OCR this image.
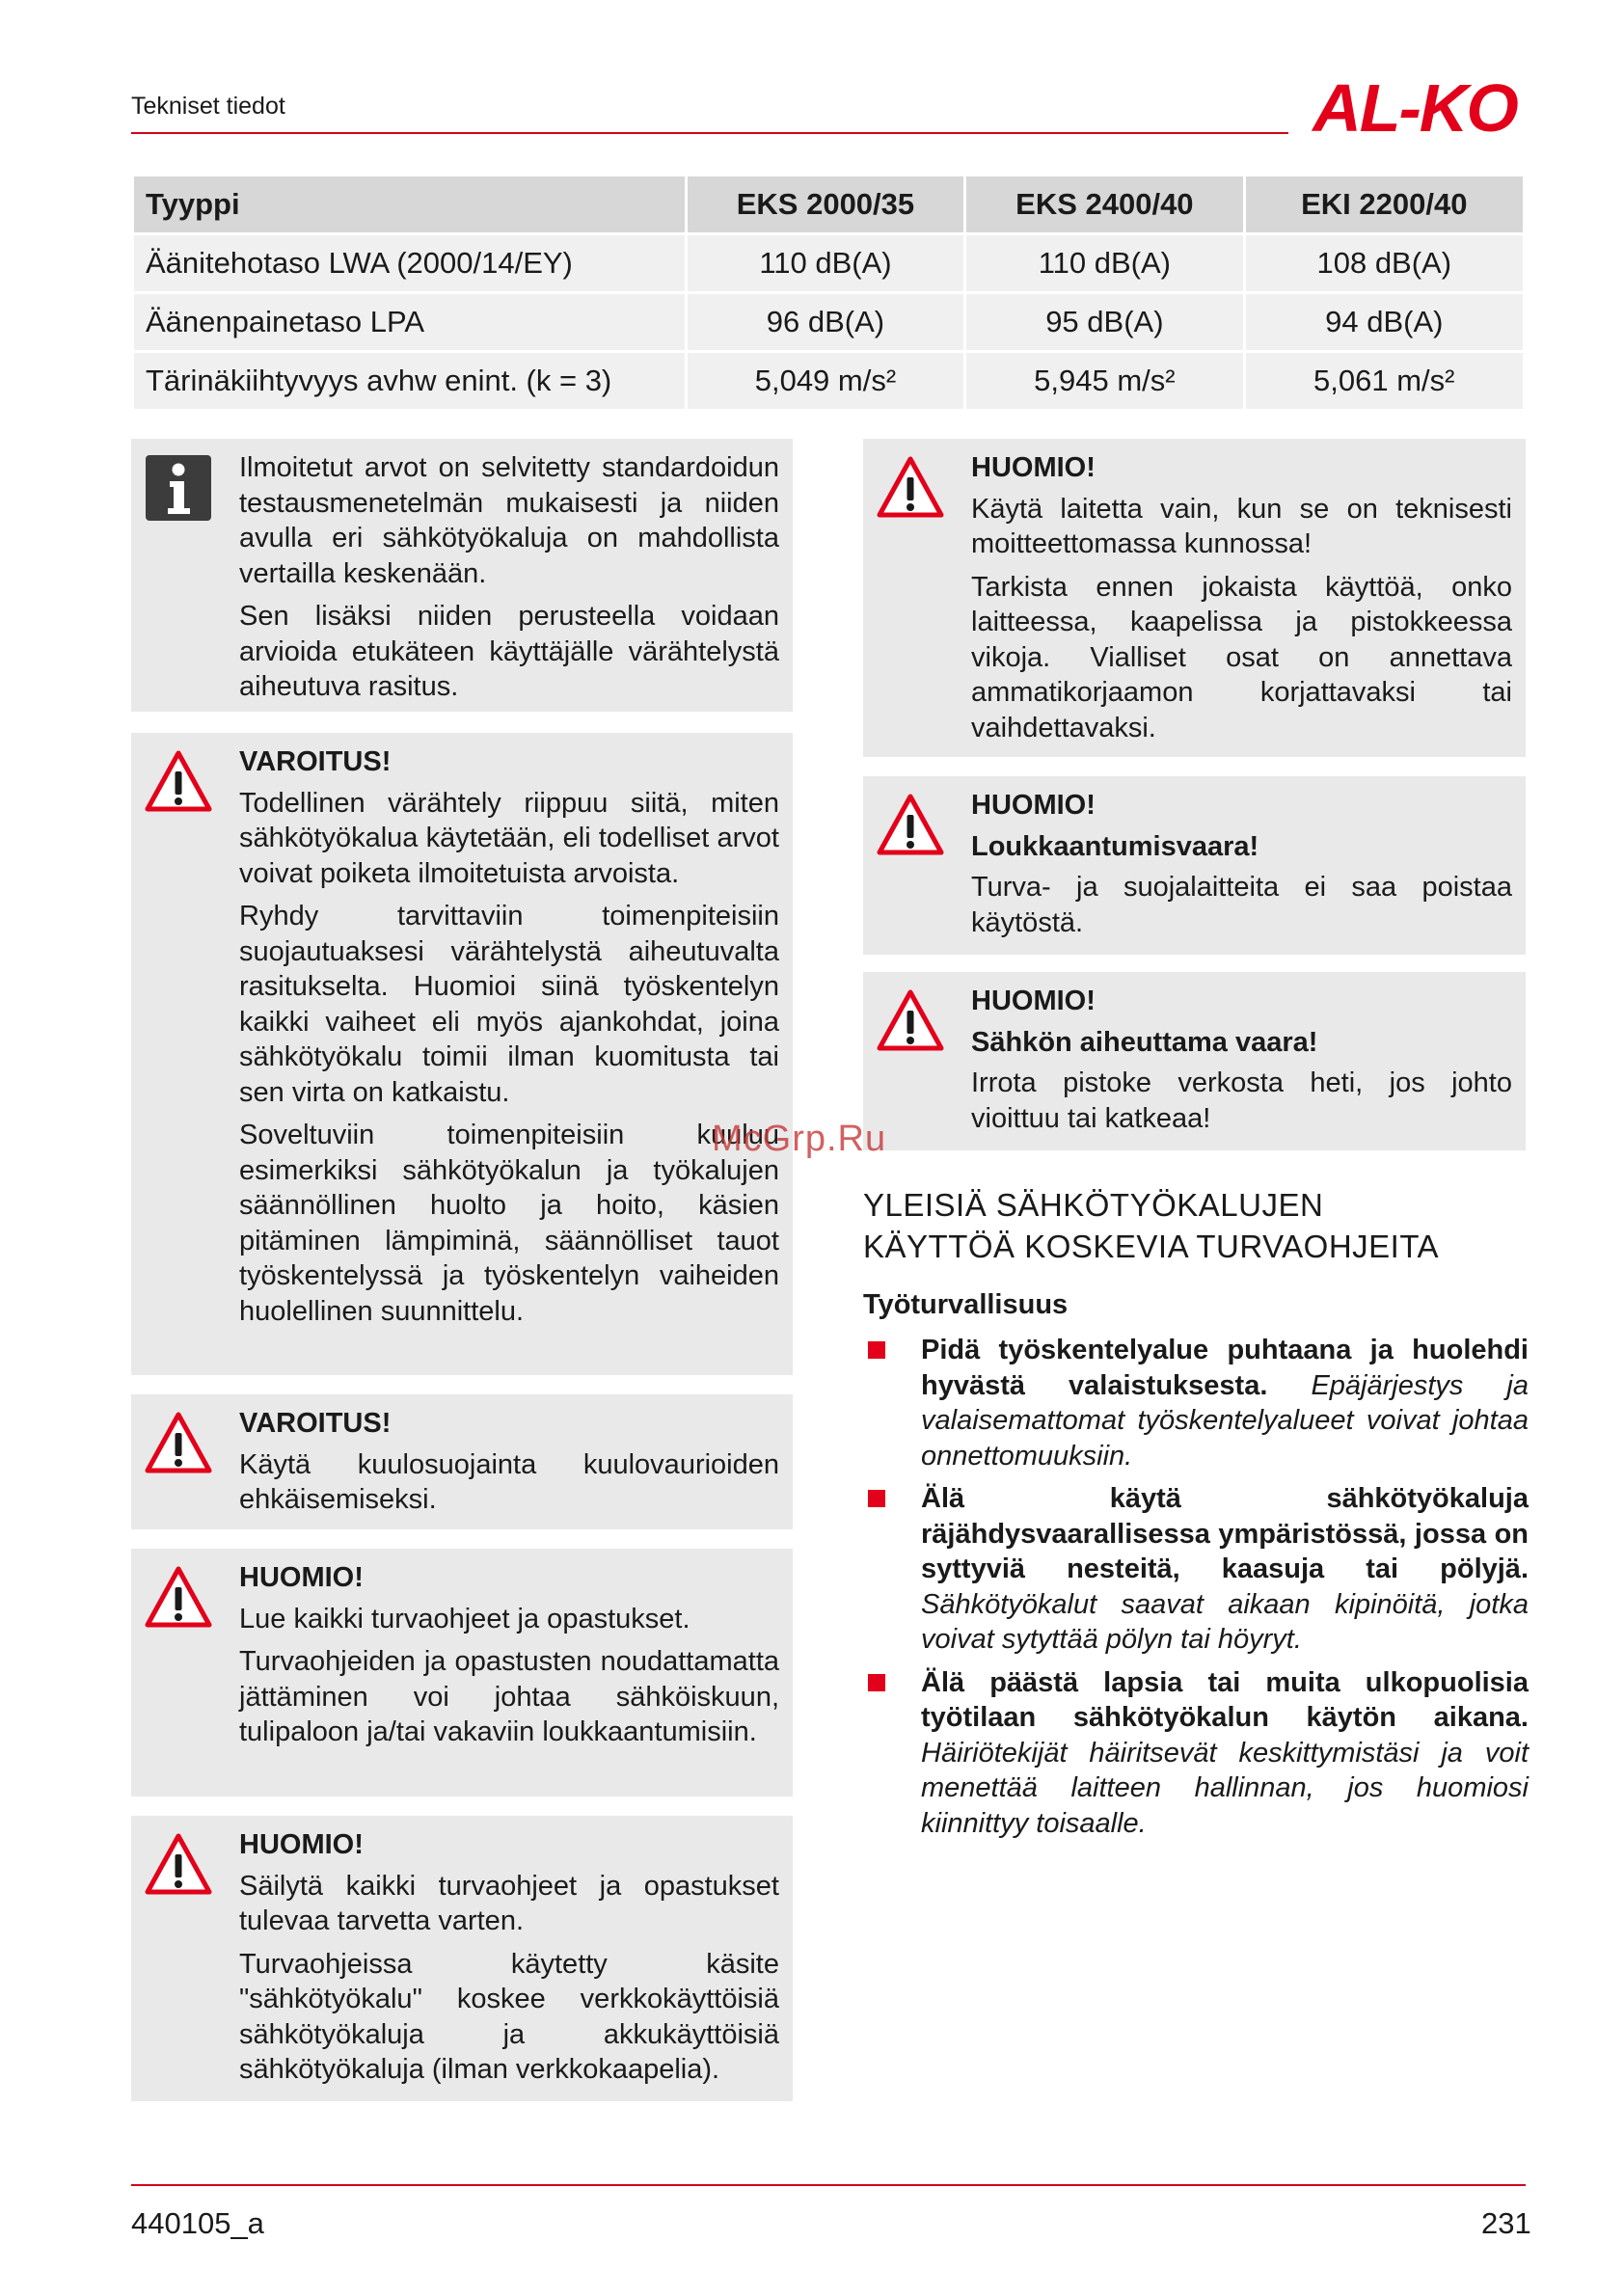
Tekniset tiedot	AL-KO
Tyyppi	EKS 2000/35	EKS 2400/40	EKI 2200/40
Äänitehotaso LWA (2000/14/EY)	110 dB(A)	110 dB(A)	108 dB(A)
Äänenpainetaso LPA	96 dB(A)	95 dB(A)	94 dB(A)
Tärinäkiihtyvyys avhw enint. (k = 3)	5,049 m/s²	5,945 m/s²	5,061 m/s²

Ilmoitetut arvot on selvitetty standardoidun testausmenetelmän mukaisesti ja niiden avulla eri sähkötyökaluja on mahdollista vertailla keskenään.

Sen lisäksi niiden perusteella voidaan arvioida etukäteen käyttäjälle värähtelystä aiheutuva rasitus.

VAROITUS!

Todellinen värähtely riippuu siitä, miten sähkötyökalua käytetään, eli todelliset arvot voivat poiketa ilmoitetuista arvoista.

Ryhdy tarvittaviin toimenpiteisiin suojautuaksesi värähtelystä aiheutuvalta rasitukselta. Huomioi siinä työskentelyn kaikki vaiheet eli myös ajankohdat, joina sähkötyökalu toimii ilman kuomitusta tai sen virta on katkaistu.

Soveltuviin toimenpiteisiin kuuluu esimerkiksi sähkötyökalun ja työkalujen säännöllinen huolto ja hoito, käsien pitäminen lämpiminä, säännölliset tauot työskentelyssä ja työskentelyn vaiheiden huolellinen suunnittelu.

VAROITUS!

Käytä kuulosuojainta kuulovaurioiden ehkäisemiseksi.

HUOMIO!

Lue kaikki turvaohjeet ja opastukset.

Turvaohjeiden ja opastusten noudattamatta jättäminen voi johtaa sähköiskuun, tulipaloon ja/tai vakaviin loukkaantumisiin.

HUOMIO!

Säilytä kaikki turvaohjeet ja opastukset tulevaa tarvetta varten.

Turvaohjeissa käytetty käsite "sähkötyökalu" koskee verkkokäyttöisiä sähkötyökaluja ja akkukäyttöisiä sähkötyökaluja (ilman verkkokaapelia).

HUOMIO!

Käytä laitetta vain, kun se on teknisesti moitteettomassa kunnossa!

Tarkista ennen jokaista käyttöä, onko laitteessa, kaapelissa ja pistokkeessa vikoja. Vialliset osat on annettava ammatikorjaamon korjattavaksi tai vaihdettavaksi.

HUOMIO!

Loukkaantumisvaara!

Turva- ja suojalaitteita ei saa poistaa käytöstä.

HUOMIO!

Sähkön aiheuttama vaara!

Irrota pistoke verkosta heti, jos johto vioittuu tai katkeaa!

McGrp.Ru
YLEISIÄ SÄHKÖTYÖKALUJEN
KÄYTTÖÄ KOSKEVIA TURVAOHJEITA
Työturvallisuus
Pidä työskentelyalue puhtaana ja huolehdi hyvästä valaistuksesta. Epäjärjestys ja valaisemattomat työskentelyalueet voivat johtaa onnettomuuksiin.
Älä käytä sähkötyökaluja räjähdysvaarallisessa ympäristössä, jossa on syttyviä nesteitä, kaasuja tai pölyjä. Sähkötyökalut saavat aikaan kipinöitä, jotka voivat sytyttää pölyn tai höyryt.
Älä päästä lapsia tai muita ulkopuolisia työtilaan sähkötyökalun käytön aikana. Häiriötekijät häiritsevät keskittymistäsi ja voit menettää laitteen hallinnan, jos huomiosi kiinnittyy toisaalle.
440105_a	231
